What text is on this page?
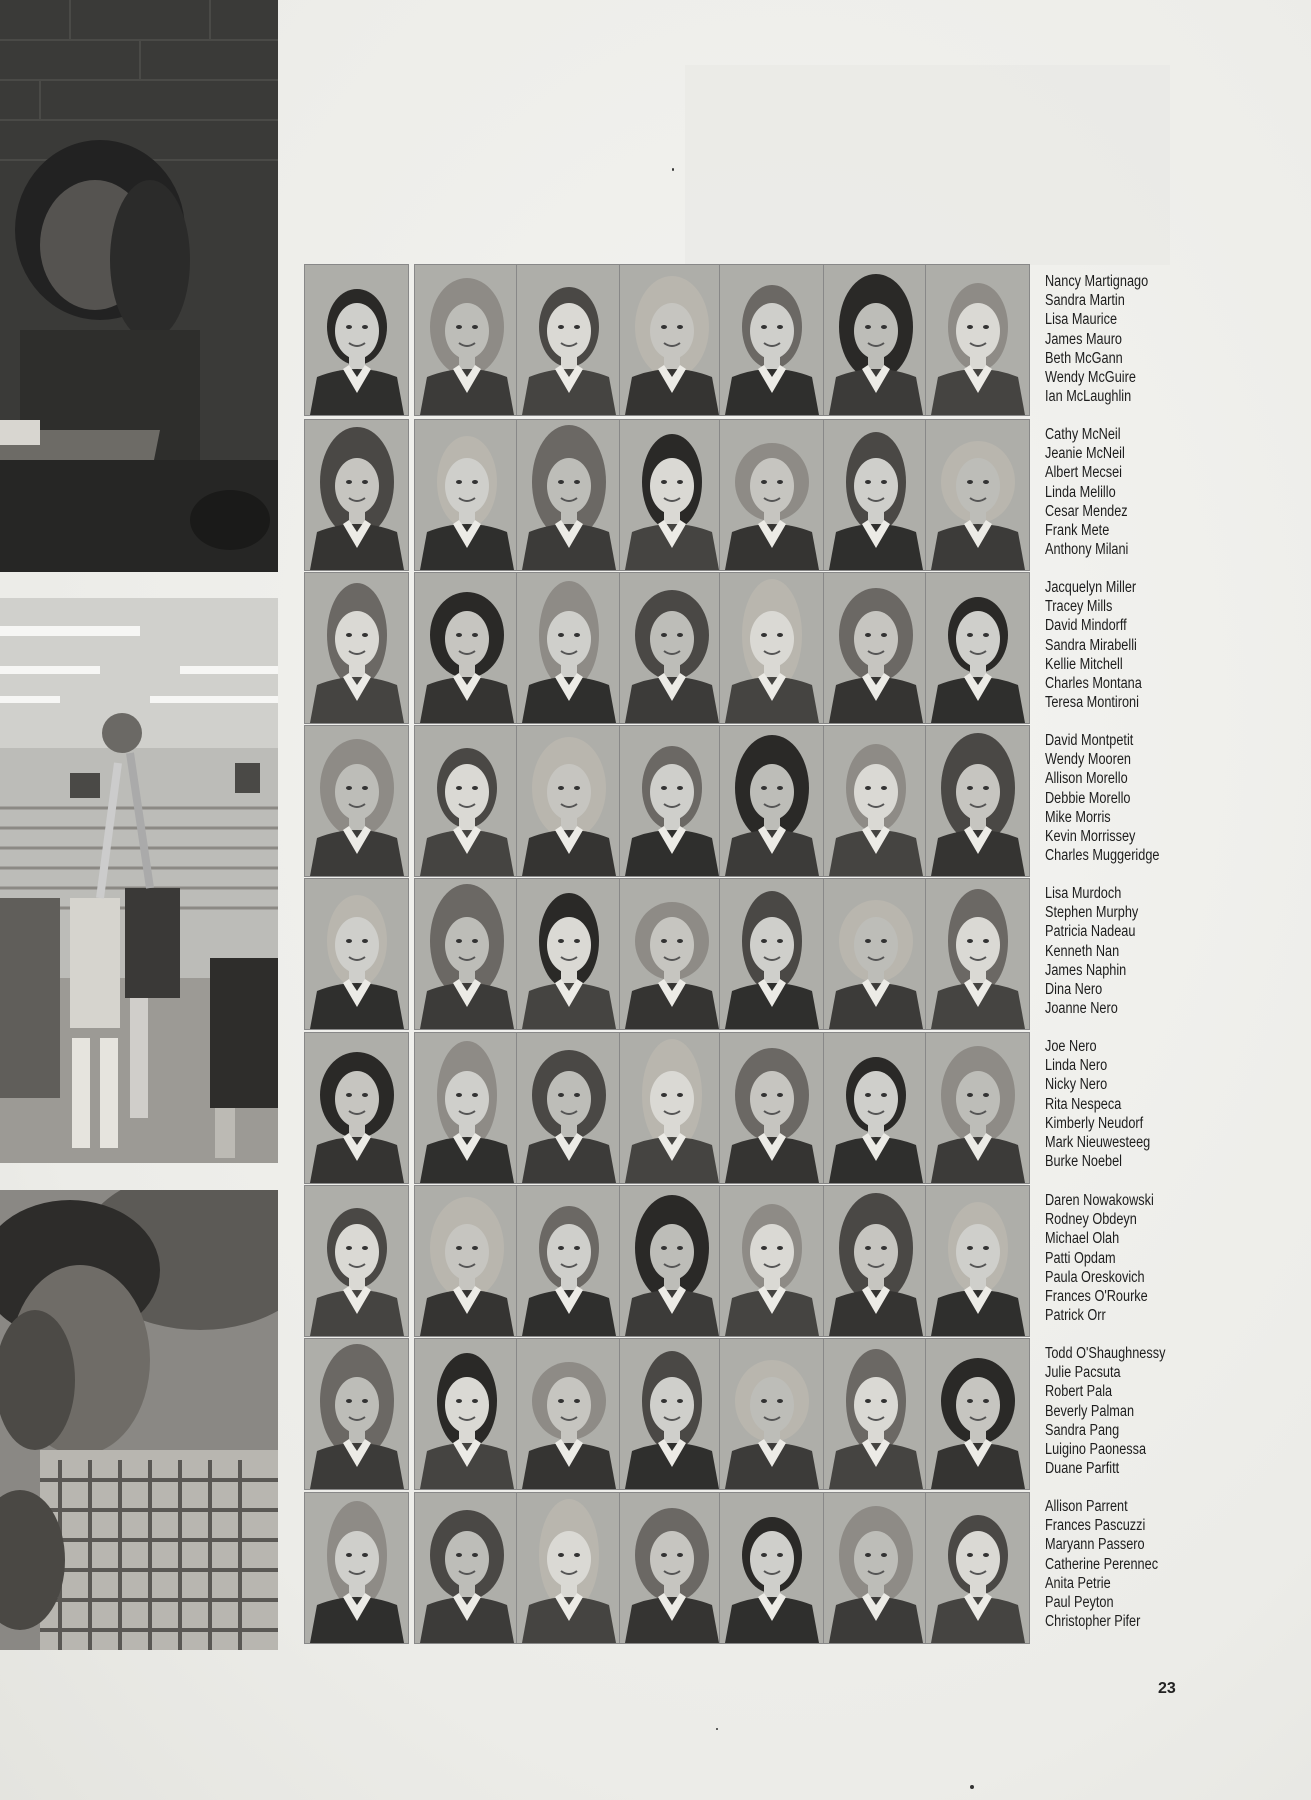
Nancy Martignago
Sandra Martin
Lisa Maurice
James Mauro
Beth McGann
Wendy McGuire
Ian McLaughlin
Cathy McNeil
Jeanie McNeil
Albert Mecsei
Linda Melillo
Cesar Mendez
Frank Mete
Anthony Milani
Jacquelyn Miller
Tracey Mills
David Mindorff
Sandra Mirabelli
Kellie Mitchell
Charles Montana
Teresa Montironi
David Montpetit
Wendy Mooren
Allison Morello
Debbie Morello
Mike Morris
Kevin Morrissey
Charles Muggeridge
Lisa Murdoch
Stephen Murphy
Patricia Nadeau
Kenneth Nan
James Naphin
Dina Nero
Joanne Nero
Joe Nero
Linda Nero
Nicky Nero
Rita Nespeca
Kimberly Neudorf
Mark Nieuwesteeg
Burke Noebel
Daren Nowakowski
Rodney Obdeyn
Michael Olah
Patti Opdam
Paula Oreskovich
Frances O'Rourke
Patrick Orr
Todd O'Shaughnessy
Julie Pacsuta
Robert Pala
Beverly Palman
Sandra Pang
Luigino Paonessa
Duane Parfitt
Allison Parrent
Frances Pascuzzi
Maryann Passero
Catherine Perennec
Anita Petrie
Paul Peyton
Christopher Pifer
23
